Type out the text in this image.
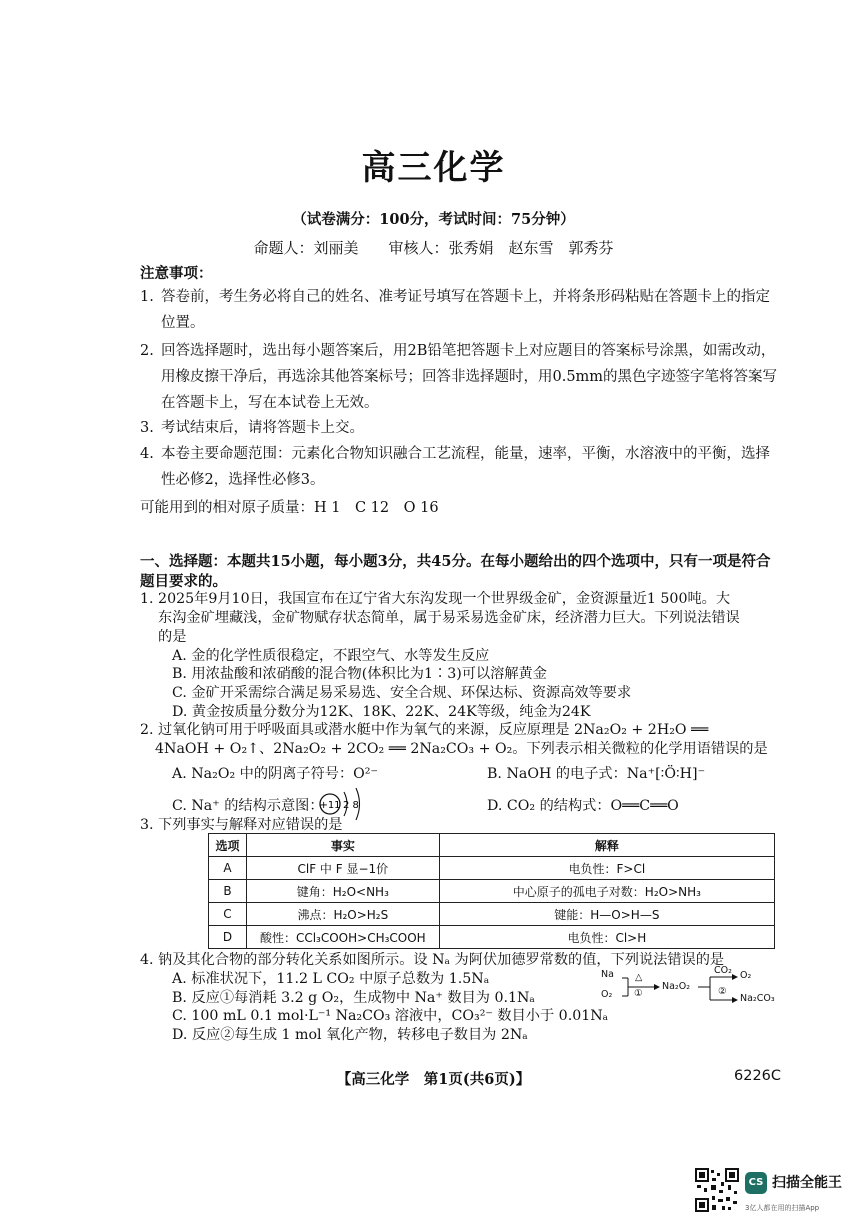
高三化学
（试卷满分：100分，考试时间：75分钟）
命题人：刘丽美　　审核人：张秀娟　赵东雪　郭秀芬
注意事项：
1. 答卷前，考生务必将自己的姓名、准考证号填写在答题卡上，并将条形码粘贴在答题卡上的指定位置。
2. 回答选择题时，选出每小题答案后，用2B铅笔把答题卡上对应题目的答案标号涂黑，如需改动，用橡皮擦干净后，再选涂其他答案标号；回答非选择题时，用0.5mm的黑色字迹签字笔将答案写在答题卡上，写在本试卷上无效。
3. 考试结束后，请将答题卡上交。
4. 本卷主要命题范围：元素化合物知识融合工艺流程，能量，速率，平衡，水溶液中的平衡，选择性必修2，选择性必修3。
可能用到的相对原子质量：H 1　C 12　O 16
一、选择题：本题共15小题，每小题3分，共45分。在每小题给出的四个选项中，只有一项是符合题目要求的。
1. 2025年9月10日，我国宣布在辽宁省大东沟发现一个世界级金矿，金资源量近1 500吨。大
东沟金矿埋藏浅，金矿物赋存状态简单，属于易采易选金矿床，经济潜力巨大。下列说法错误
的是
A. 金的化学性质很稳定，不跟空气、水等发生反应
B. 用浓盐酸和浓硝酸的混合物(体积比为1∶3)可以溶解黄金
C. 金矿开采需综合满足易采易选、安全合规、环保达标、资源高效等要求
D. 黄金按质量分数分为12K、18K、22K、24K等级，纯金为24K
2. 过氧化钠可用于呼吸面具或潜水艇中作为氧气的来源，反应原理是 2Na₂O₂ + 2H₂O ══
4NaOH + O₂↑、2Na₂O₂ + 2CO₂ ══ 2Na₂CO₃ + O₂。下列表示相关微粒的化学用语错误的是
A. Na₂O₂ 中的阴离子符号：O²⁻	B. NaOH 的电子式：Na⁺[∶Ö∶H]⁻
C. Na⁺ 的结构示意图：
+11 2 8	D. CO₂ 的结构式：O══C══O
3. 下列事实与解释对应错误的是
选项	事实	解释
A	ClF 中 F 显−1价	电负性：F>Cl
B	键角：H₂O<NH₃	中心原子的孤电子对数：H₂O>NH₃
C	沸点：H₂O>H₂S	键能：H—O>H—S
D	酸性：CCl₃COOH>CH₃COOH	电负性：Cl>H
4. 钠及其化合物的部分转化关系如图所示。设 Nₐ 为阿伏加德罗常数的值，下列说法错误的是
A. 标准状况下，11.2 L CO₂ 中原子总数为 1.5Nₐ
B. 反应①每消耗 3.2 g O₂，生成物中 Na⁺ 数目为 0.1Nₐ
C. 100 mL 0.1 mol·L⁻¹ Na₂CO₃ 溶液中，CO₃²⁻ 数目小于 0.01Nₐ
D. 反应②每生成 1 mol 氧化产物，转移电子数目为 2Nₐ
Na
O₂
△
①
Na₂O₂
CO₂
②
O₂
Na₂CO₃
【高三化学　第1页(共6页)】	6226C
CS 扫描全能王
3亿人都在用的扫描App
